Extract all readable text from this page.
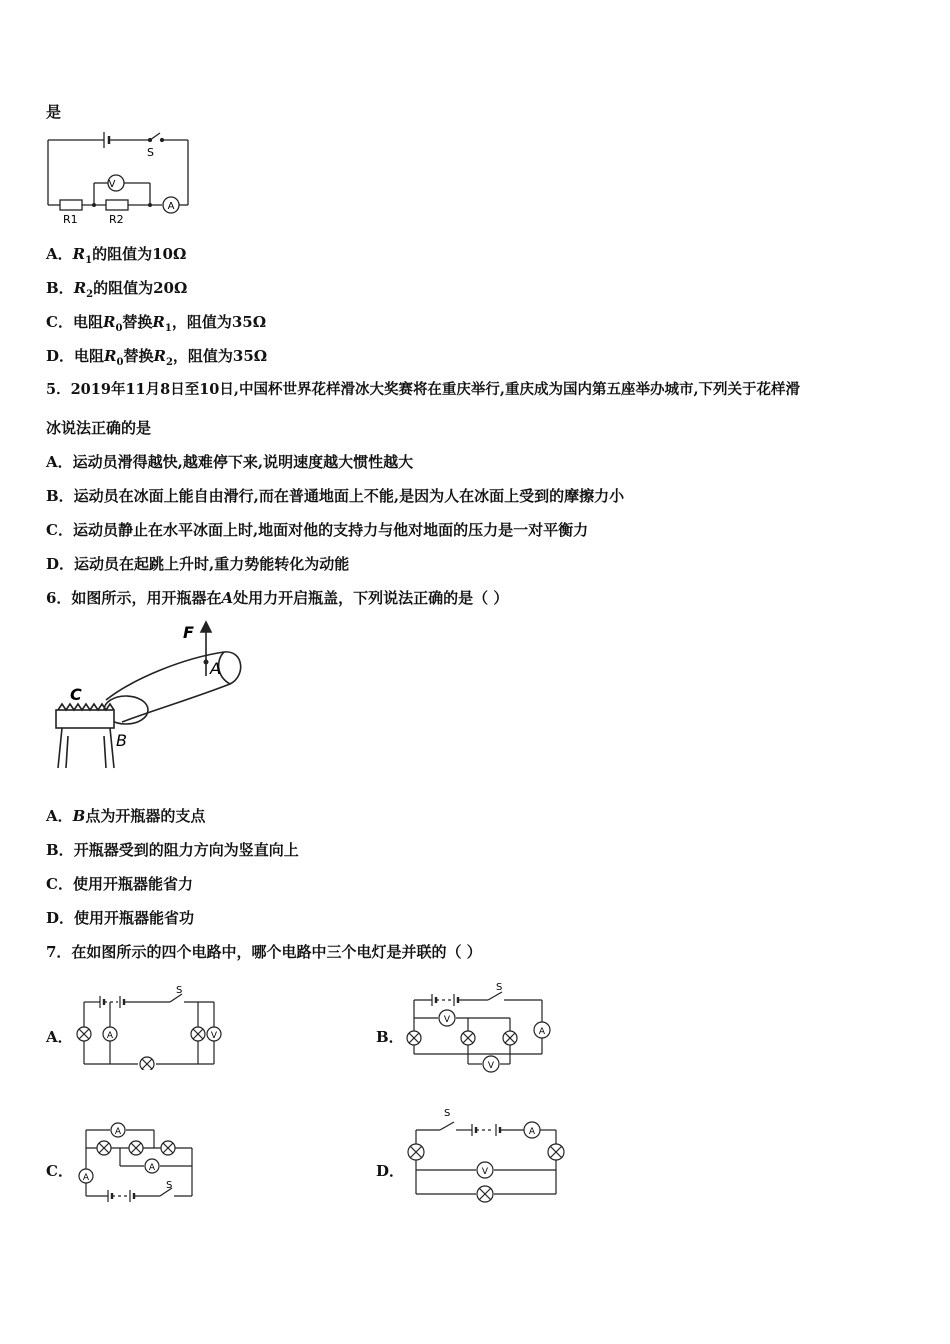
是
S
V
A
R1	R2
A．$R_1$的阻值为10Ω
B．$R_2$的阻值为20Ω
C．电阻$R_0$替换$R_1$，阻值为35Ω
D．电阻$R_0$替换$R_2$，阻值为35Ω
5．2019年11月8日至10日,中国杯世界花样滑冰大奖赛将在重庆举行,重庆成为国内第五座举办城市,下列关于花样滑
冰说法正确的是
A．运动员滑得越快,越难停下来,说明速度越大惯性越大
B．运动员在冰面上能自由滑行,而在普通地面上不能,是因为人在冰面上受到的摩擦力小
C．运动员静止在水平冰面上时,地面对他的支持力与他对地面的压力是一对平衡力
D．运动员在起跳上升时,重力势能转化为动能
6．如图所示，用开瓶器在A处用力开启瓶盖，下列说法正确的是（ ）
F
A
C
B
A．B点为开瓶器的支点
B．开瓶器受到的阻力方向为竖直向上
C．使用开瓶器能省力
D．使用开瓶器能省功
7．在如图所示的四个电路中，哪个电路中三个电灯是并联的（ ）
A．	B．
C．	D．
S
A	V
S
V
A
V
A
A
A
S
S
A
V
